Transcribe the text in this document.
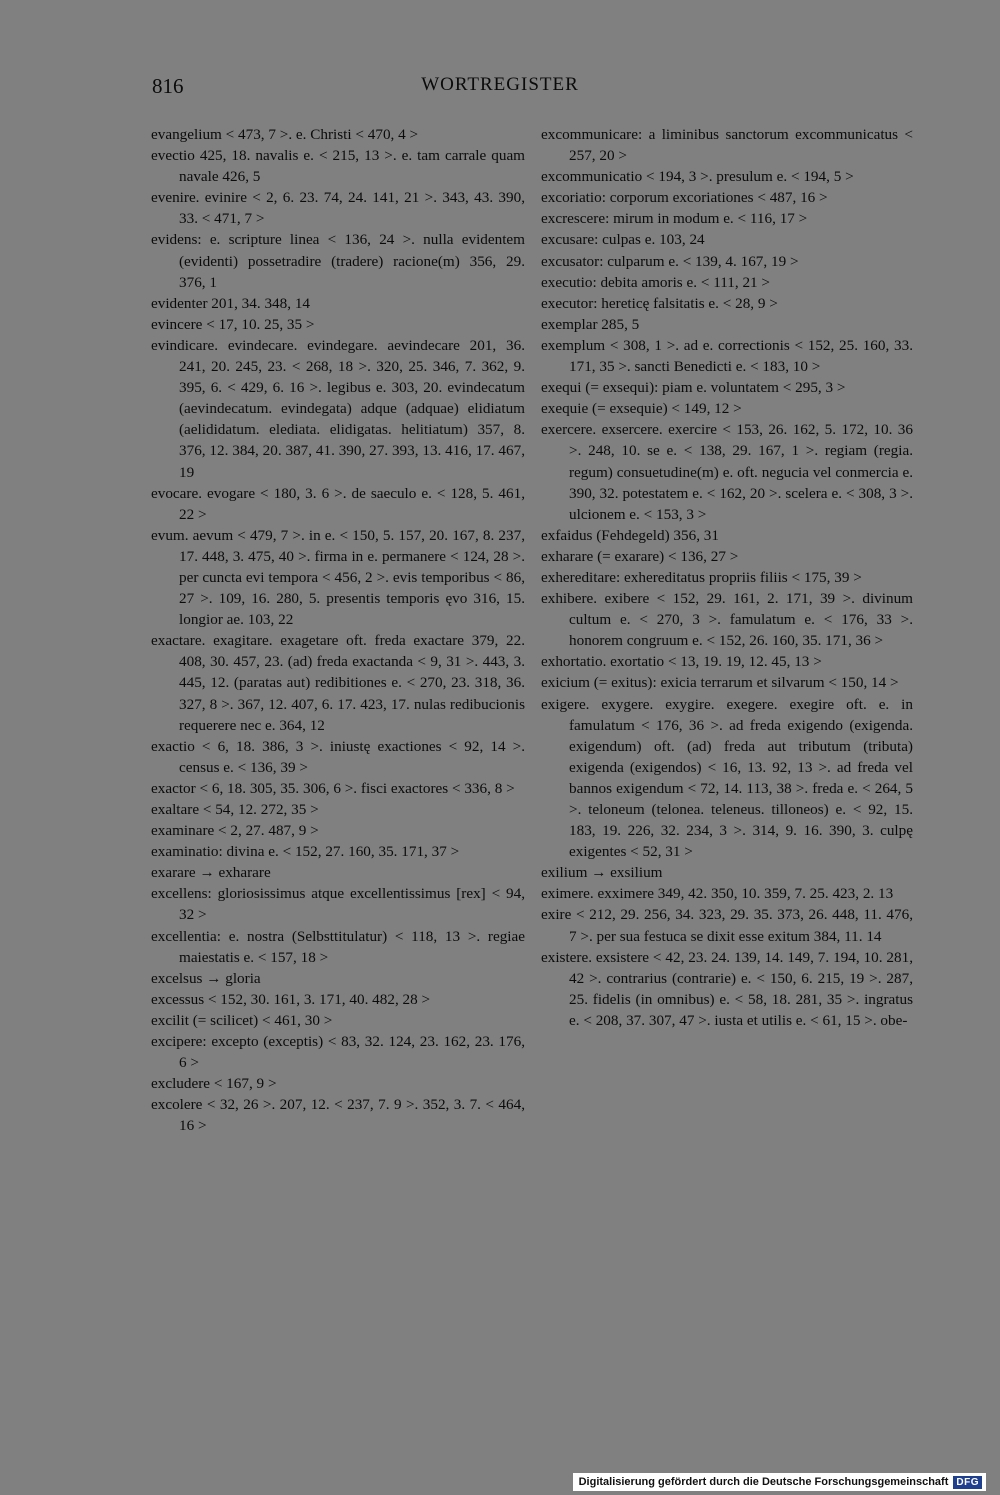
816	WORTREGISTER
evangelium < 473, 7 >. e. Christi < 470, 4 >
evectio 425, 18. navalis e. < 215, 13 >. e. tam carrale quam navale 426, 5
evenire. evinire < 2, 6. 23. 74, 24. 141, 21 >. 343, 43. 390, 33. < 471, 7 >
evidens: e. scripture linea < 136, 24 >. nulla evidentem (evidenti) possetradire (tradere) racione(m) 356, 29. 376, 1
evidenter 201, 34. 348, 14
evincere < 17, 10. 25, 35 >
evindicare. evindecare. evindegare. aevindecare 201, 36. 241, 20. 245, 23. < 268, 18 >. 320, 25. 346, 7. 362, 9. 395, 6. < 429, 6. 16 >. legibus e. 303, 20. evindecatum (aevindecatum. evindegata) adque (adquae) elidiatum (aelididatum. elediata. elidigatas. helitiatum) 357, 8. 376, 12. 384, 20. 387, 41. 390, 27. 393, 13. 416, 17. 467, 19
evocare. evogare < 180, 3. 6 >. de saeculo e. < 128, 5. 461, 22 >
evum. aevum < 479, 7 >. in e. < 150, 5. 157, 20. 167, 8. 237, 17. 448, 3. 475, 40 >. firma in e. permanere < 124, 28 >. per cuncta evi tempora < 456, 2 >. evis temporibus < 86, 27 >. 109, 16. 280, 5. presentis temporis ęvo 316, 15. longior ae. 103, 22
exactare. exagitare. exagetare oft. freda exactare 379, 22. 408, 30. 457, 23. (ad) freda exactanda < 9, 31 >. 443, 3. 445, 12. (paratas aut) redibitiones e. < 270, 23. 318, 36. 327, 8 >. 367, 12. 407, 6. 17. 423, 17. nulas redibucionis requerere nec e. 364, 12
exactio < 6, 18. 386, 3 >. iniustę exactiones < 92, 14 >. census e. < 136, 39 >
exactor < 6, 18. 305, 35. 306, 6 >. fisci exactores < 336, 8 >
exaltare < 54, 12. 272, 35 >
examinare < 2, 27. 487, 9 >
examinatio: divina e. < 152, 27. 160, 35. 171, 37 >
exarare → exharare
excellens: gloriosissimus atque excellentissimus [rex] < 94, 32 >
excellentia: e. nostra (Selbsttitulatur) < 118, 13 >. regiae maiestatis e. < 157, 18 >
excelsus → gloria
excessus < 152, 30. 161, 3. 171, 40. 482, 28 >
excilit (= scilicet) < 461, 30 >
excipere: excepto (exceptis) < 83, 32. 124, 23. 162, 23. 176, 6 >
excludere < 167, 9 >
excolere < 32, 26 >. 207, 12. < 237, 7. 9 >. 352, 3. 7. < 464, 16 >
excommunicare: a liminibus sanctorum excommunicatus < 257, 20 >
excommunicatio < 194, 3 >. presulum e. < 194, 5 >
excoriatio: corporum excoriationes < 487, 16 >
excrescere: mirum in modum e. < 116, 17 >
excusare: culpas e. 103, 24
excusator: culparum e. < 139, 4. 167, 19 >
executio: debita amoris e. < 111, 21 >
executor: hereticę falsitatis e. < 28, 9 >
exemplar 285, 5
exemplum < 308, 1 >. ad e. correctionis < 152, 25. 160, 33. 171, 35 >. sancti Benedicti e. < 183, 10 >
exequi (= exsequi): piam e. voluntatem < 295, 3 >
exequie (= exsequie) < 149, 12 >
exercere. exsercere. exercire < 153, 26. 162, 5. 172, 10. 36 >. 248, 10. se e. < 138, 29. 167, 1 >. regiam (regia. regum) consuetudine(m) e. oft. negucia vel conmercia e. 390, 32. potestatem e. < 162, 20 >. scelera e. < 308, 3 >. ulcionem e. < 153, 3 >
exfaidus (Fehdegeld) 356, 31
exharare (= exarare) < 136, 27 >
exhereditare: exhereditatus propriis filiis < 175, 39 >
exhibere. exibere < 152, 29. 161, 2. 171, 39 >. divinum cultum e. < 270, 3 >. famulatum e. < 176, 33 >. honorem congruum e. < 152, 26. 160, 35. 171, 36 >
exhortatio. exortatio < 13, 19. 19, 12. 45, 13 >
exicium (= exitus): exicia terrarum et silvarum < 150, 14 >
exigere. exygere. exygire. exegere. exegire oft. e. in famulatum < 176, 36 >. ad freda exigendo (exigenda. exigendum) oft. (ad) freda aut tributum (tributa) exigenda (exigendos) < 16, 13. 92, 13 >. ad freda vel bannos exigendum < 72, 14. 113, 38 >. freda e. < 264, 5 >. teloneum (telonea. teleneus. tilloneos) e. < 92, 15. 183, 19. 226, 32. 234, 3 >. 314, 9. 16. 390, 3. culpę exigentes < 52, 31 >
exilium → exsilium
eximere. exximere 349, 42. 350, 10. 359, 7. 25. 423, 2. 13
exire < 212, 29. 256, 34. 323, 29. 35. 373, 26. 448, 11. 476, 7 >. per sua festuca se dixit esse exitum 384, 11. 14
existere. exsistere < 42, 23. 24. 139, 14. 149, 7. 194, 10. 281, 42 >. contrarius (contrarie) e. < 150, 6. 215, 19 >. 287, 25. fidelis (in omnibus) e. < 58, 18. 281, 35 >. ingratus e. < 208, 37. 307, 47 >. iusta et utilis e. < 61, 15 >. obe-
Digitalisierung gefördert durch die Deutsche Forschungsgemeinschaft DFG
